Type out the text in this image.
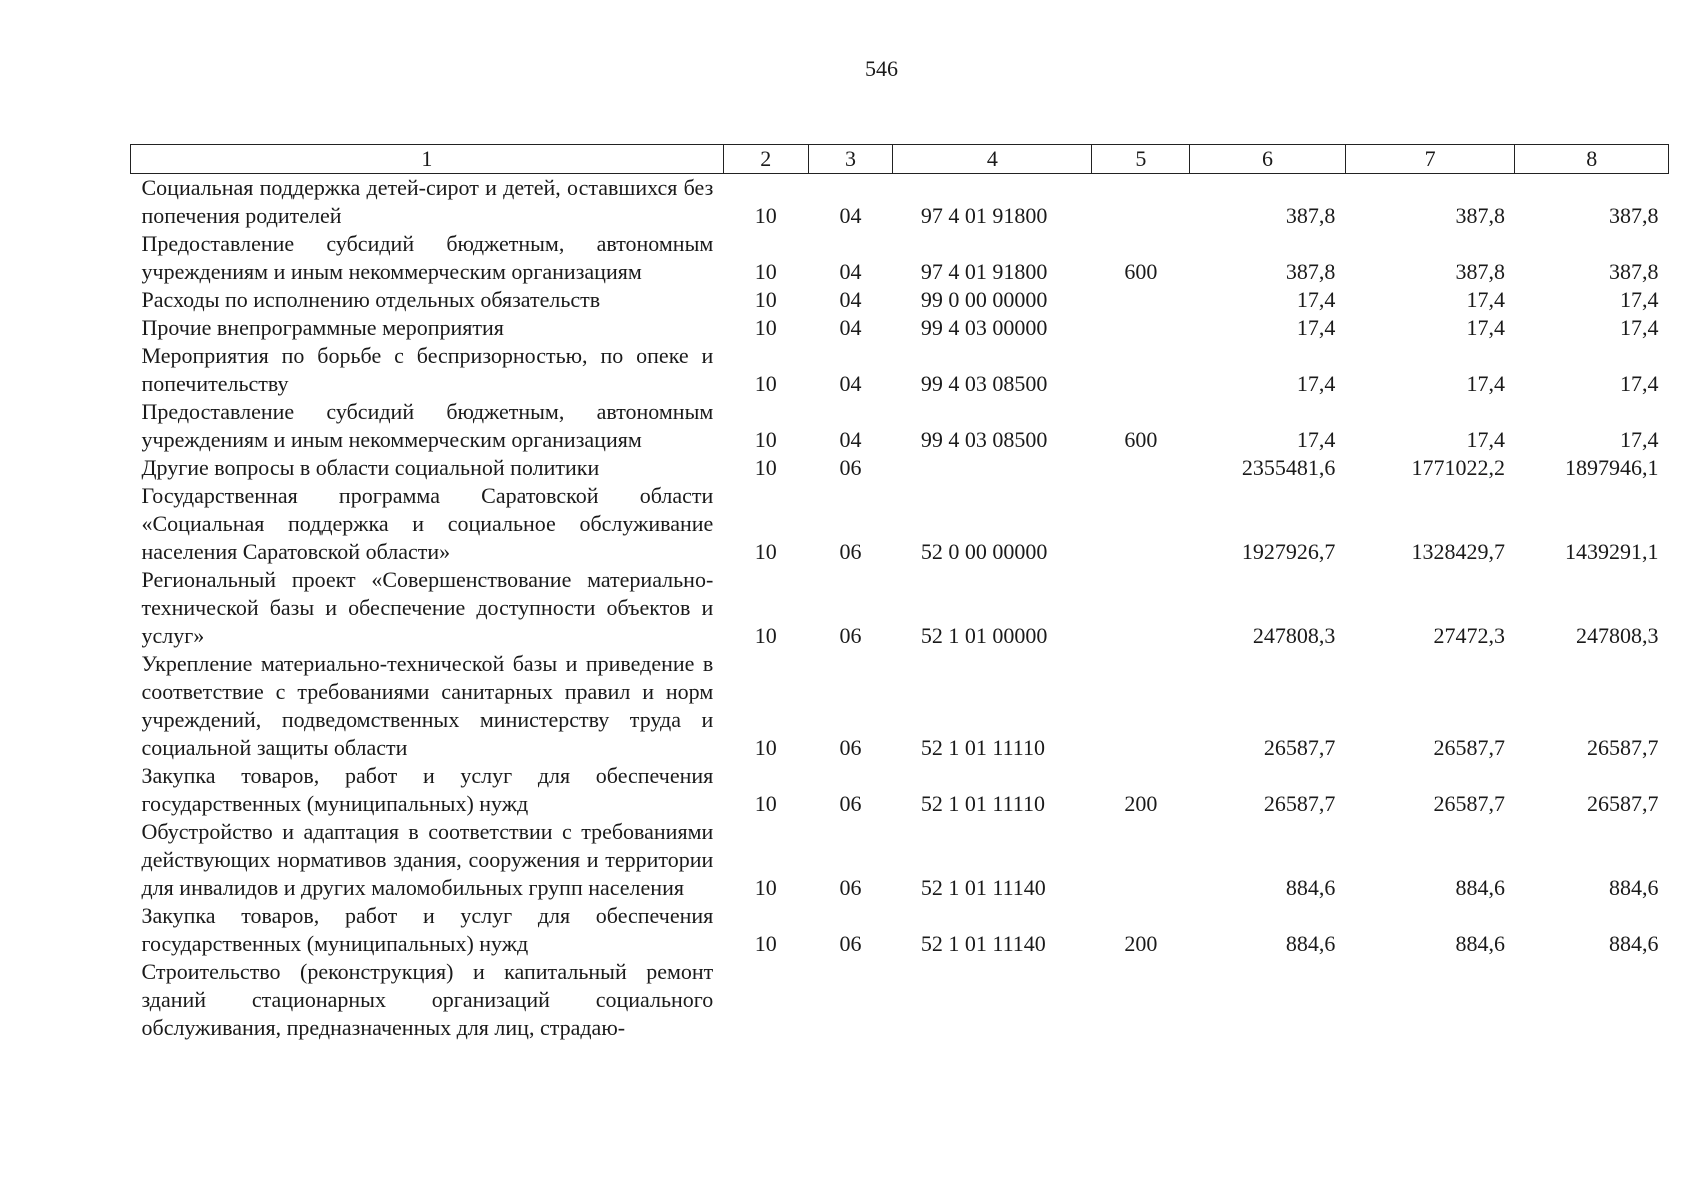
546
1	2	3	4	5	6	7	8
Социальная поддержка детей-сирот и детей, оставшихся без попечения родителей	10	04	97 4 01 91800		387,8	387,8	387,8
Предоставление субсидий бюджетным, автономным учреждениям и иным некоммерческим организациям	10	04	97 4 01 91800	600	387,8	387,8	387,8
Расходы по исполнению отдельных обязательств	10	04	99 0 00 00000		17,4	17,4	17,4
Прочие внепрограммные мероприятия	10	04	99 4 03 00000		17,4	17,4	17,4
Мероприятия по борьбе с беспризорностью, по опеке и попечительству	10	04	99 4 03 08500		17,4	17,4	17,4
Предоставление субсидий бюджетным, автономным учреждениям и иным некоммерческим организациям	10	04	99 4 03 08500	600	17,4	17,4	17,4
Другие вопросы в области социальной политики	10	06			2355481,6	1771022,2	1897946,1
Государственная программа Саратовской области «Социальная поддержка и социальное обслуживание населения Саратовской области»	10	06	52 0 00 00000		1927926,7	1328429,7	1439291,1
Региональный проект «Совершенствование материально-технической базы и обеспечение доступности объектов и услуг»	10	06	52 1 01 00000		247808,3	27472,3	247808,3
Укрепление материально-технической базы и приведение в соответствие с требованиями санитарных правил и норм учреждений, подведомственных министерству труда и социальной защиты области	10	06	52 1 01 11110		26587,7	26587,7	26587,7
Закупка товаров, работ и услуг для обеспечения государственных (муниципальных) нужд	10	06	52 1 01 11110	200	26587,7	26587,7	26587,7
Обустройство и адаптация в соответствии с требованиями действующих нормативов здания, сооружения и территории для инвалидов и других маломобильных групп населения	10	06	52 1 01 11140		884,6	884,6	884,6
Закупка товаров, работ и услуг для обеспечения государственных (муниципальных) нужд	10	06	52 1 01 11140	200	884,6	884,6	884,6
Строительство (реконструкция) и капитальный ремонт зданий стационарных организаций социального обслуживания, предназначенных для лиц, страдаю-							
